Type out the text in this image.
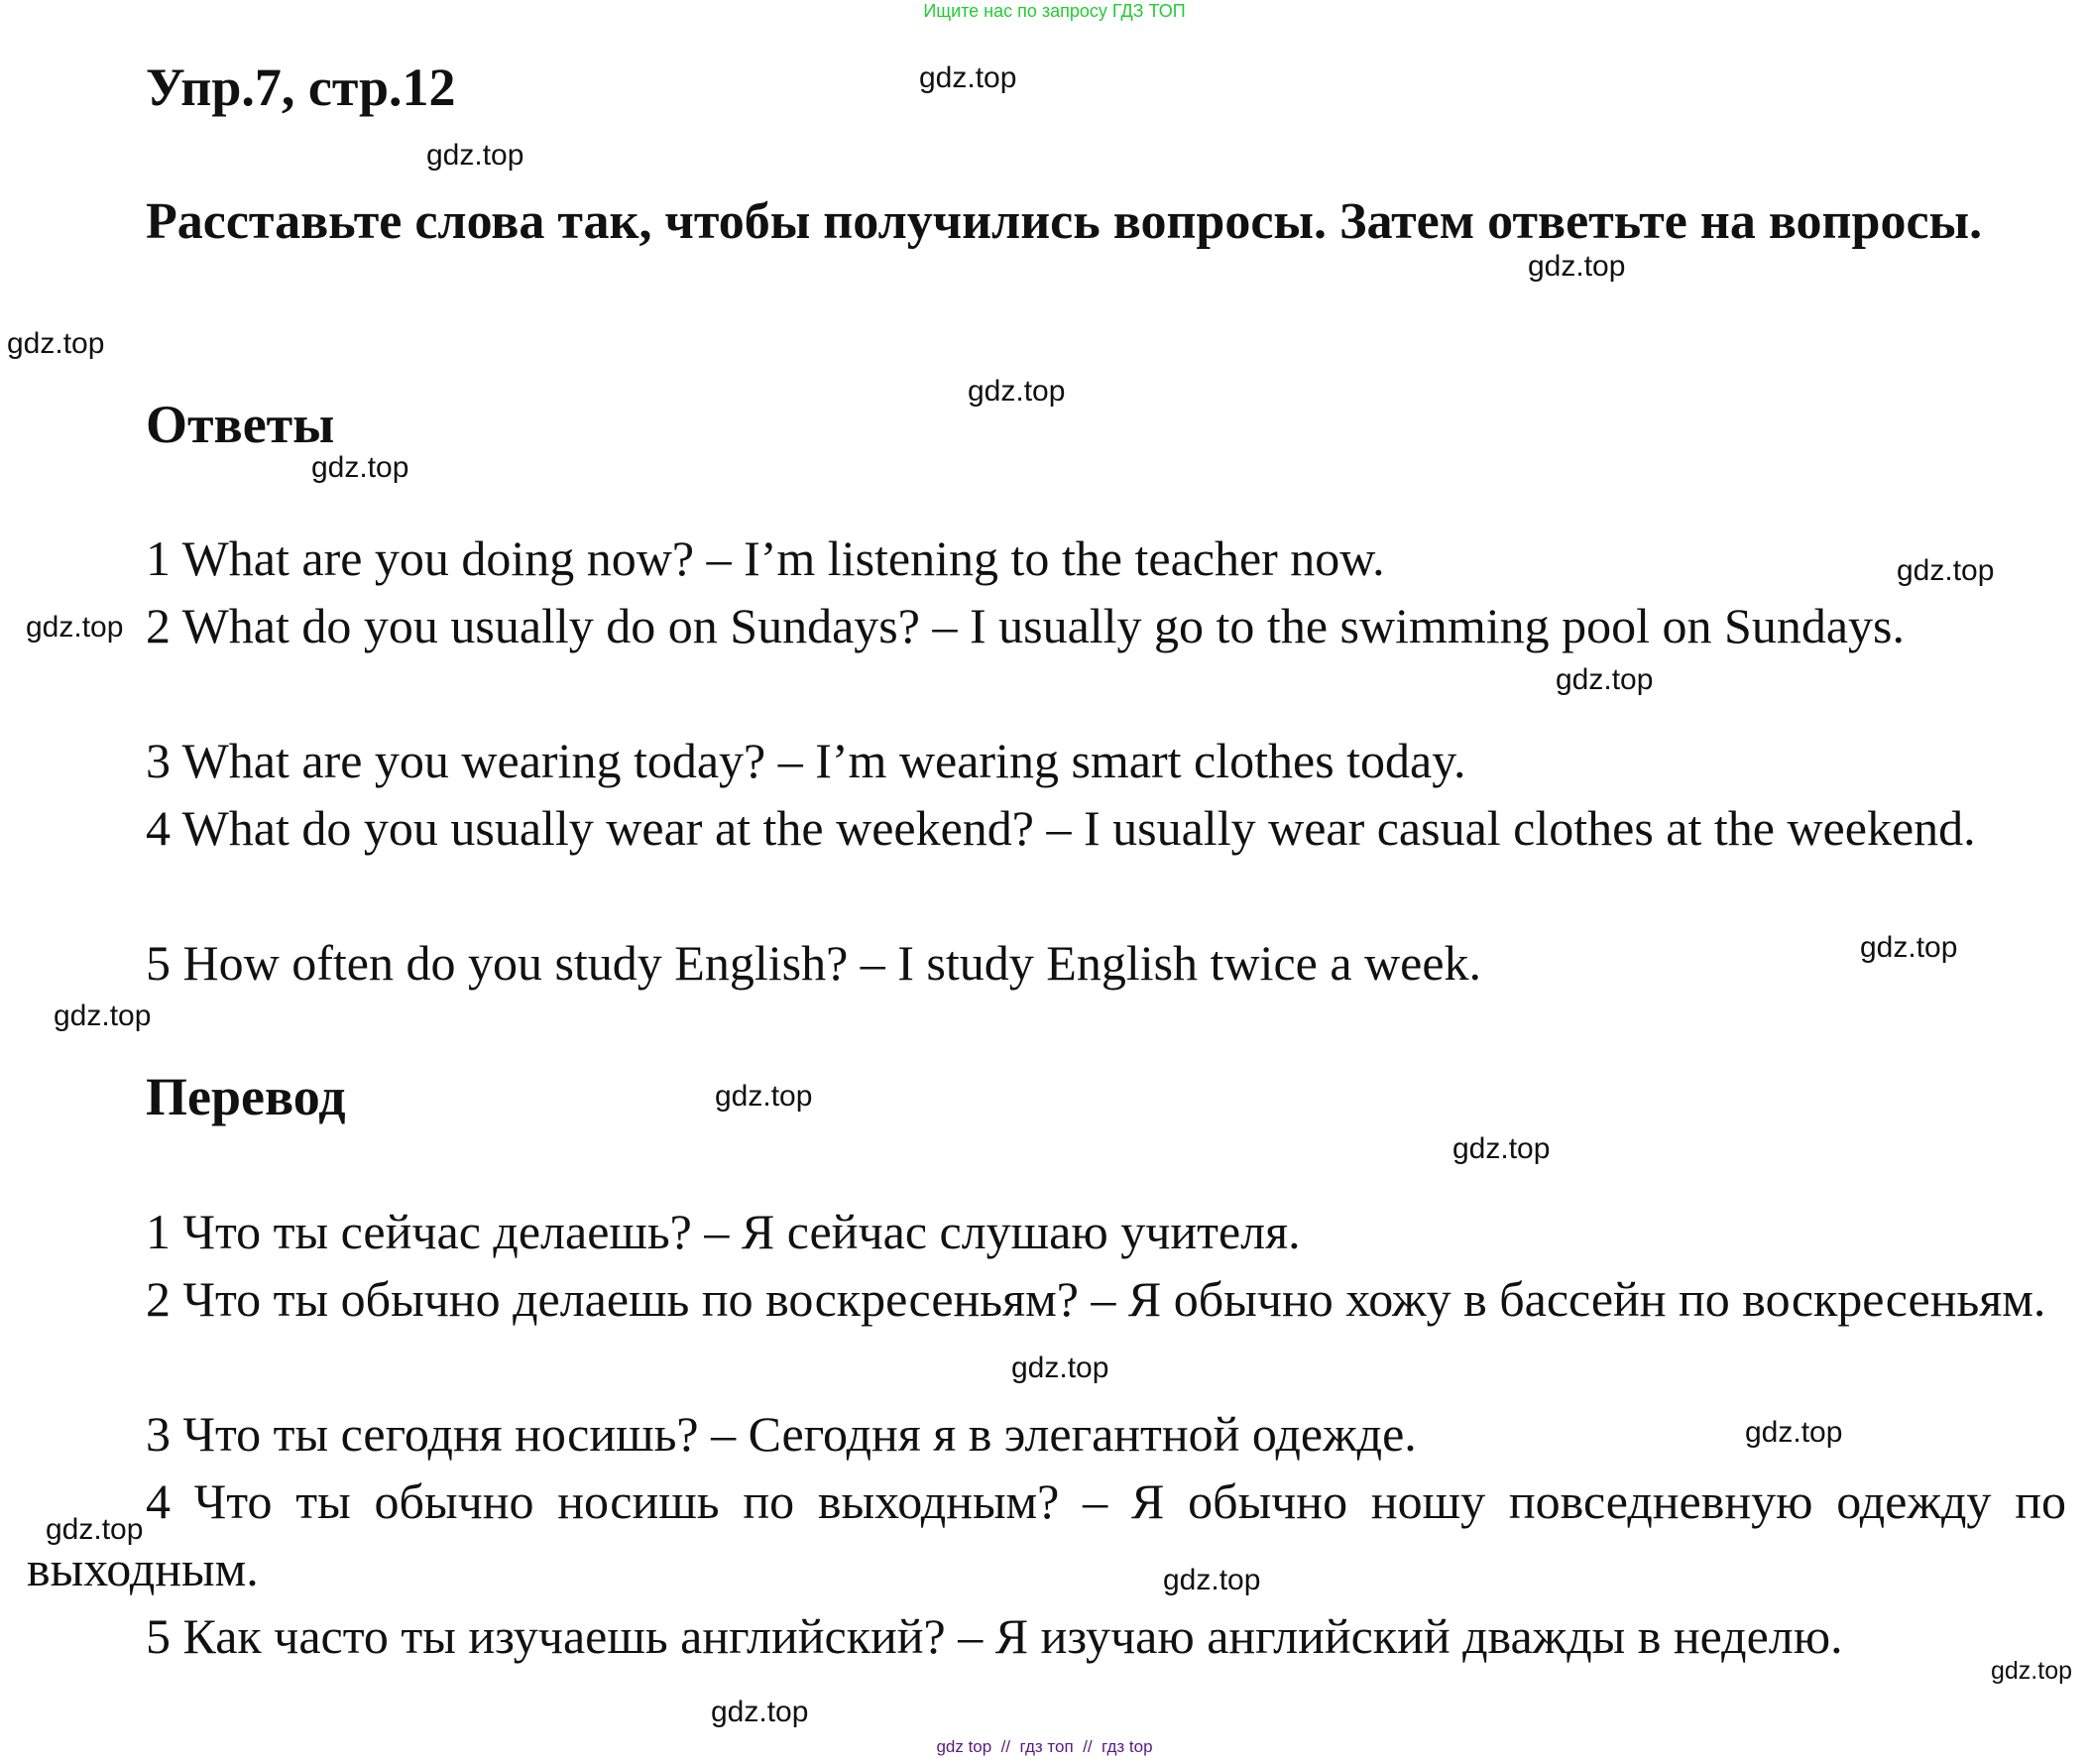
Ищите нас по запросу ГДЗ ТОП
Упр.7, стр.12

Расставьте слова так, чтобы получились вопросы. Затем ответьте на вопросы.

Ответы

1 What are you doing now? – I’m listening to the teacher now.

2 What do you usually do on Sundays? – I usually go to the swimming pool on Sundays.

3 What are you wearing today? – I’m wearing smart clothes today.

4 What do you usually wear at the weekend? – I usually wear casual clothes at the weekend.

5 How often do you study English? – I study English twice a week.

Перевод

1 Что ты сейчас делаешь? – Я сейчас слушаю учителя.

2 Что ты обычно делаешь по воскресеньям? – Я обычно хожу в бассейн по воскресеньям.

3 Что ты сегодня носишь? – Сегодня я в элегантной одежде.

4 Что ты обычно носишь по выходным? – Я обычно ношу повседневную одежду по выходным.

5 Как часто ты изучаешь английский? – Я изучаю английский дважды в неделю.

gdz.top
gdz.top
gdz.top
gdz.top
gdz.top
gdz.top
gdz.top
gdz.top
gdz.top
gdz.top
gdz.top
gdz.top
gdz.top
gdz.top
gdz.top
gdz.top
gdz.top
gdz.top
gdz.top
gdz top  //  гдз топ  //  гдз top
